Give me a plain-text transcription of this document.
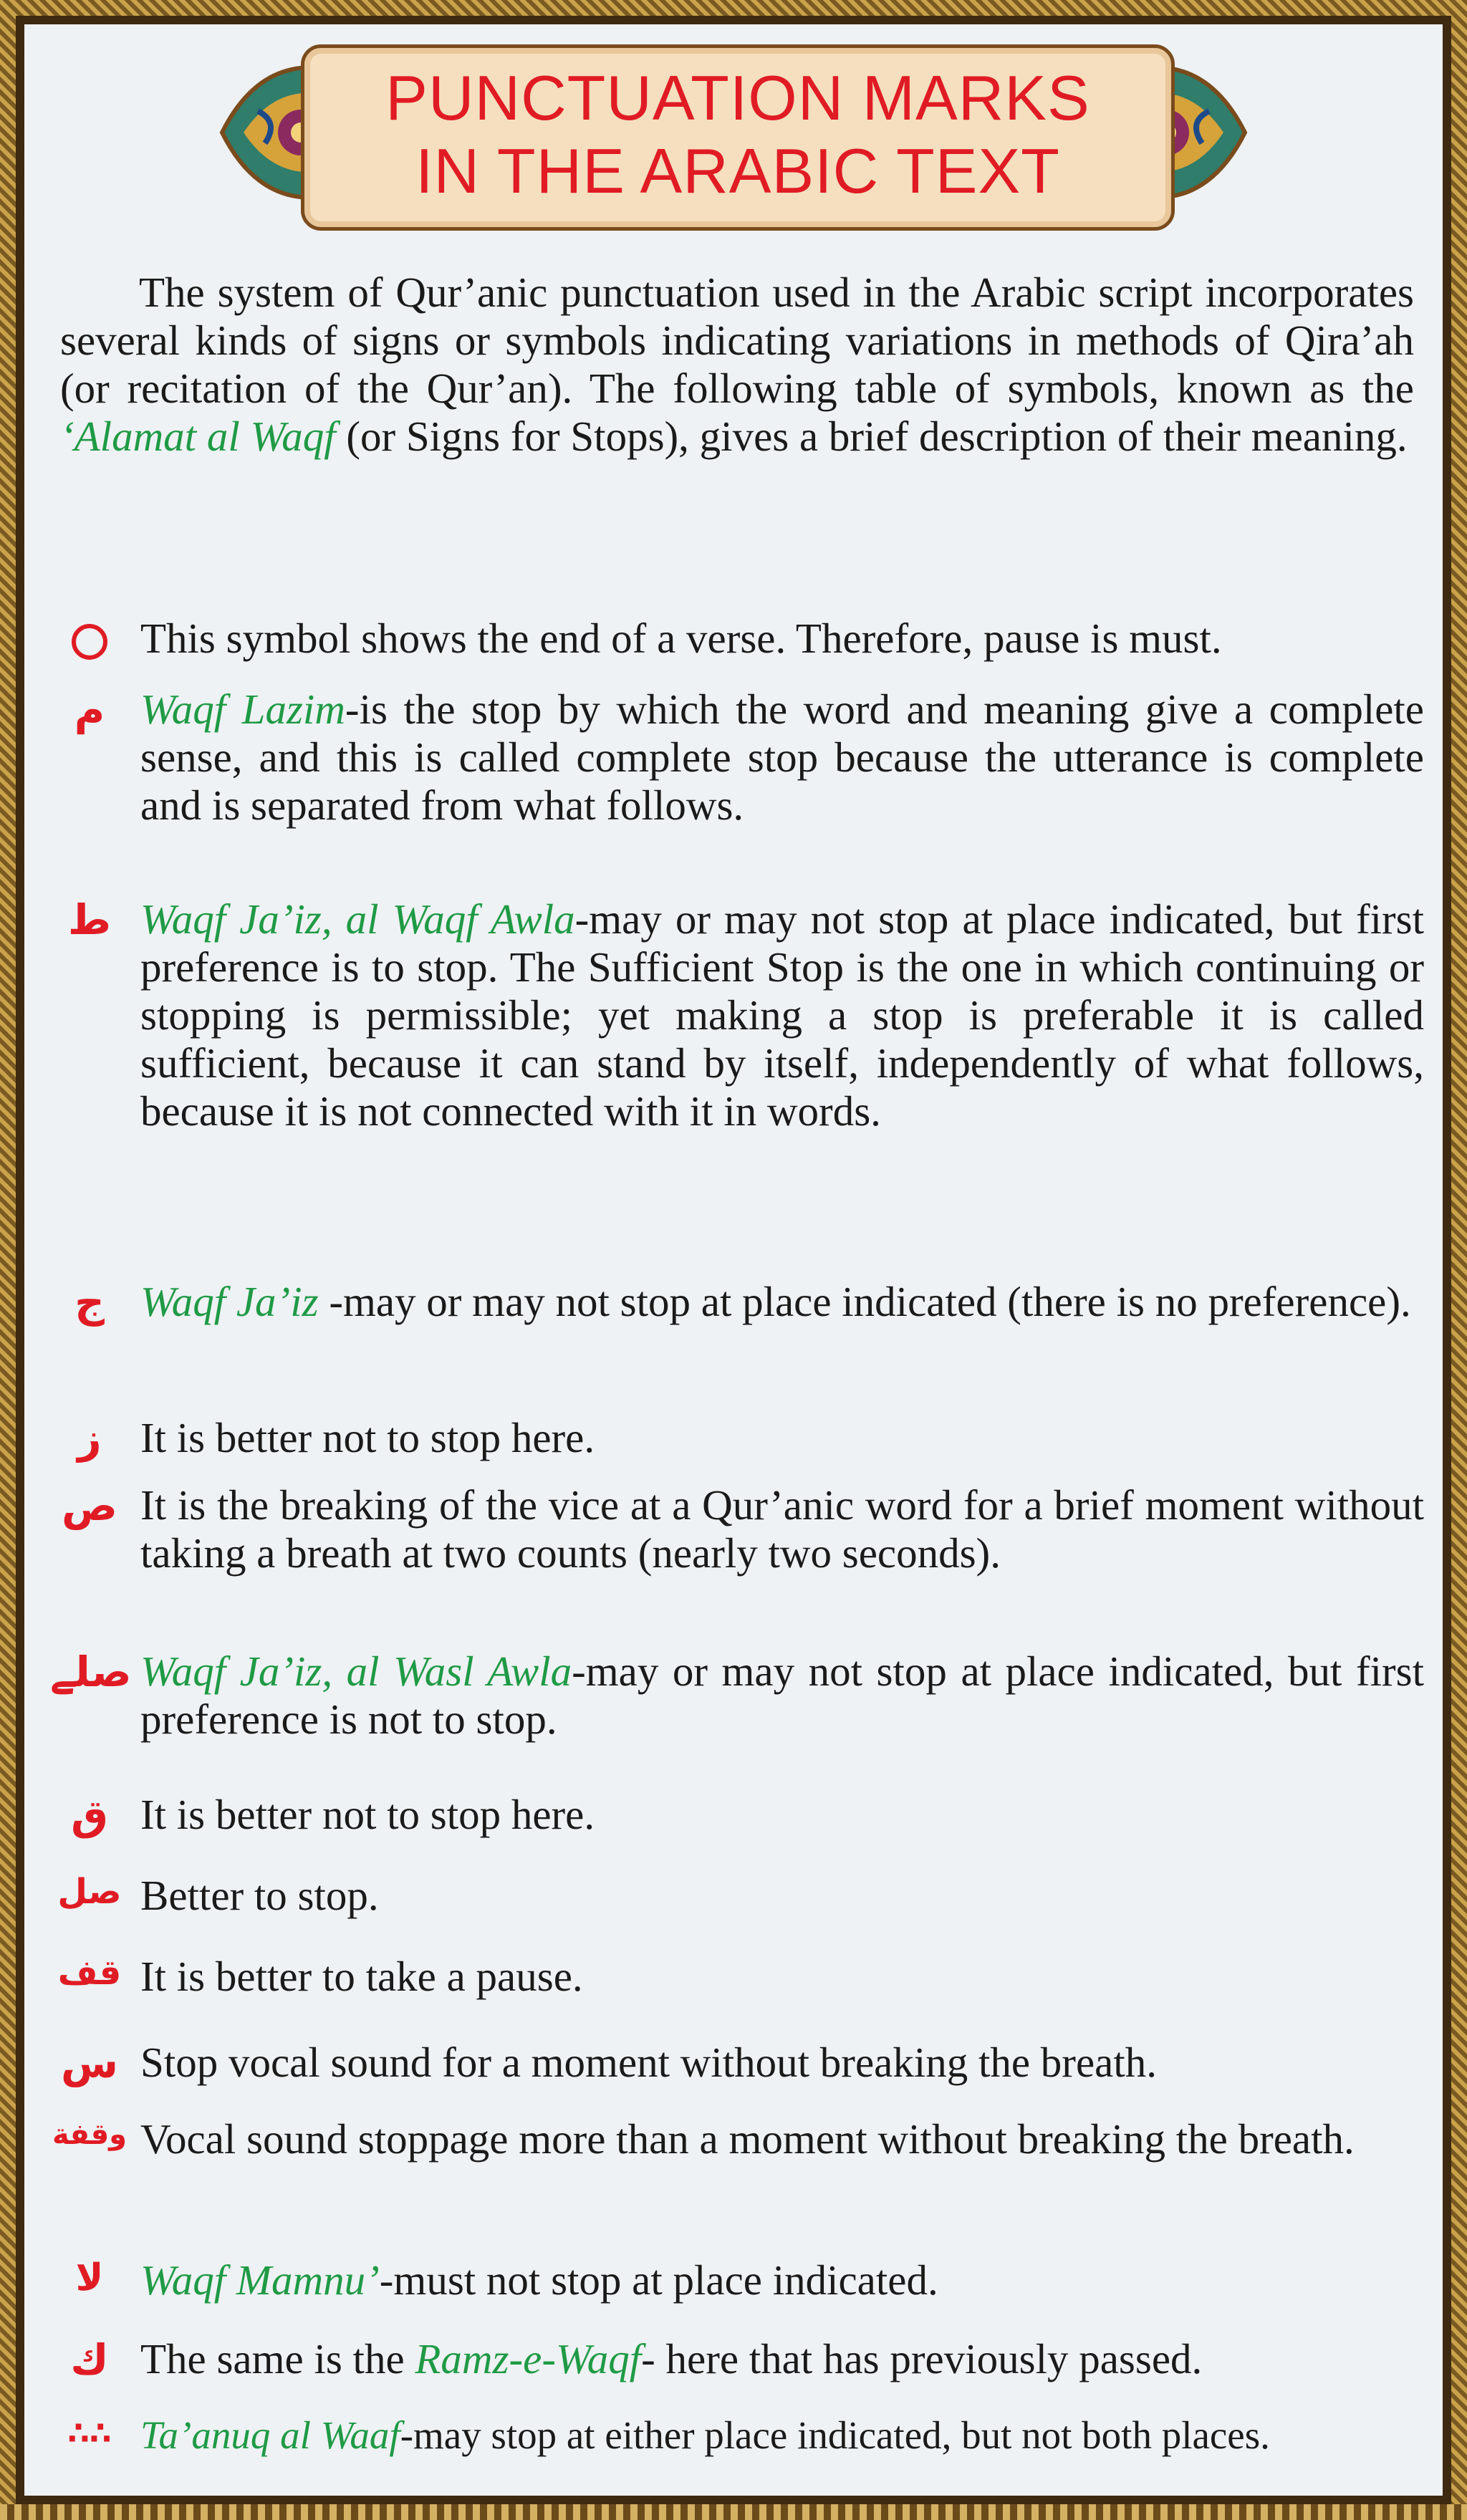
PUNCTUATION MARKS
IN THE ARABIC TEXT
The system of Qur’anic punctuation used in the Arabic script incorporates several kinds of signs or symbols indicating variations in methods of Qira’ah (or recitation of the Qur’an). The following table of symbols, known as the ‘Alamat al Waqf (or Signs for Stops), gives a brief description of their meaning.
This symbol shows the end of a verse. Therefore, pause is must.
م Waqf Lazim-is the stop by which the word and meaning give a complete sense, and this is called complete stop because the utterance is complete and is separated from what follows.
ط Waqf Ja’iz, al Waqf Awla-may or may not stop at place indicated, but first preference is to stop. The Sufficient Stop is the one in which continuing or stopping is permissible; yet making a stop is preferable it is called sufficient, because it can stand by itself, independently of what follows, because it is not connected with it in words.
ج Waqf Ja’iz -may or may not stop at place indicated (there is no preference).
ز It is better not to stop here.
ص It is the breaking of the vice at a Qur’anic word for a brief moment without taking a breath at two counts (nearly two seconds).
صلے Waqf Ja’iz, al Wasl Awla-may or may not stop at place indicated, but first preference is not to stop.
ق It is better not to stop here.
صل Better to stop.
قف It is better to take a pause.
س Stop vocal sound for a moment without breaking the breath.
وقفة Vocal sound stoppage more than a moment without breaking the breath.
لا Waqf Mamnu’-must not stop at place indicated.
ك The same is the Ramz-e-Waqf- here that has previously passed.
∴∴ Ta’anuq al Waaf-may stop at either place indicated, but not both places.
